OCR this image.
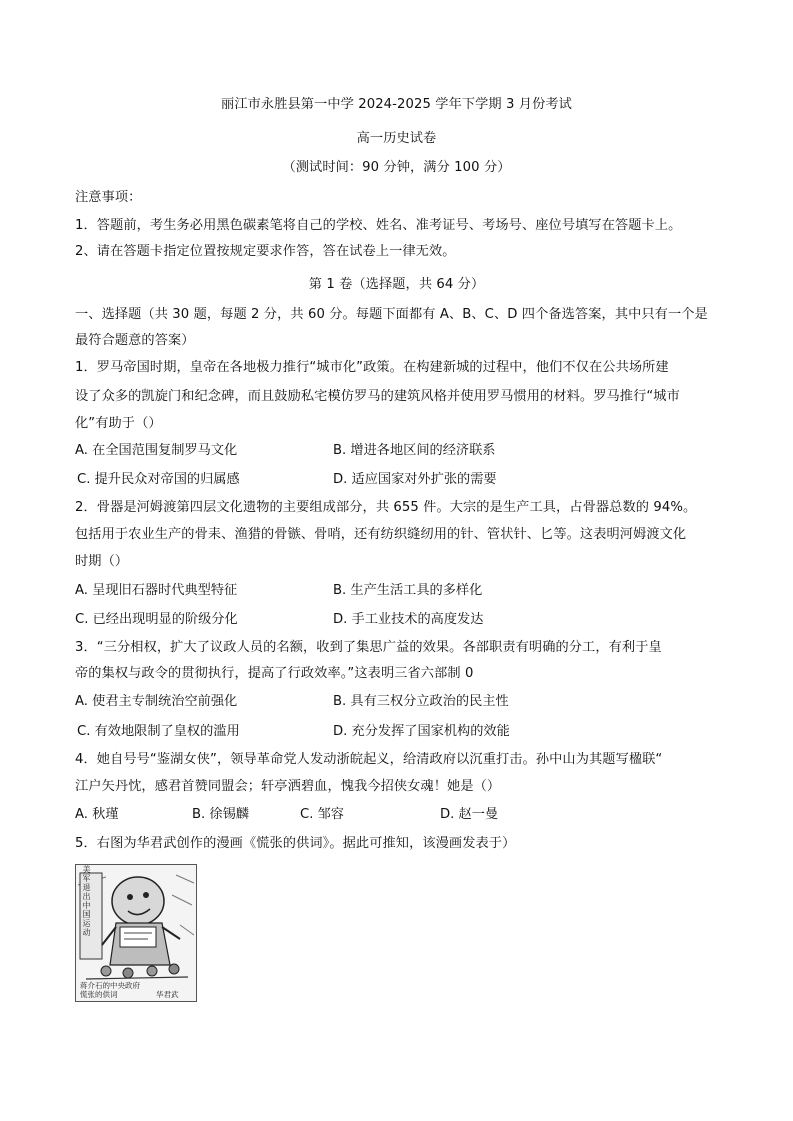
丽江市永胜县第一中学 2024-2025 学年下学期 3 月份考试
高一历史试卷
（测试时间：90 分钟，满分 100 分）
注意事项：
1．答题前，考生务必用黑色碳素笔将自己的学校、姓名、准考证号、考场号、座位号填写在答题卡上。
2、请在答题卡指定位置按规定要求作答，答在试卷上一律无效。
第 1 卷（选择题，共 64 分）
一、选择题（共 30 题，每题 2 分，共 60 分。每题下面都有 A、B、C、D 四个备选答案，其中只有一个是
最符合题意的答案）
1．罗马帝国时期，皇帝在各地极力推行“城市化”政策。在构建新城的过程中，他们不仅在公共场所建
设了众多的凯旋门和纪念碑，而且鼓励私宅模仿罗马的建筑风格并使用罗马惯用的材料。罗马推行“城市
化”有助于（）
A. 在全国范围复制罗马文化	B. 增进各地区间的经济联系
C. 提升民众对帝国的归属感	D. 适应国家对外扩张的需要
2．骨器是河姆渡第四层文化遗物的主要组成部分，共 655 件。大宗的是生产工具，占骨器总数的 94%。
包括用于农业生产的骨耒、渔猎的骨镞、骨哨，还有纺织缝纫用的针、管状针、匕等。这表明河姆渡文化
时期（）
A. 呈现旧石器时代典型特征	B. 生产生活工具的多样化
C. 已经出现明显的阶级分化	D. 手工业技术的高度发达
3．“三分相权，扩大了议政人员的名额，收到了集思广益的效果。各部职责有明确的分工，有利于皇
帝的集权与政令的贯彻执行，提高了行政效率。”这表明三省六部制 0
A. 使君主专制统治空前强化	B. 具有三权分立政治的民主性
C. 有效地限制了皇权的滥用	D. 充分发挥了国家机构的效能
4．她自号号“鉴湖女侠”，领导革命党人发动浙皖起义，给清政府以沉重打击。孙中山为其题写楹联“
江户矢丹忱，感君首赞同盟会；轩亭洒碧血，愧我今招侠女魂！她是（）
A. 秋瑾	B. 徐锡麟	C. 邹容	D. 赵一曼
5．右图为华君武创作的漫画《慌张的供词》。据此可推知，该漫画发表于）
美军退出中国运动
蒋介石的中央政府
慌张的供词	华君武
